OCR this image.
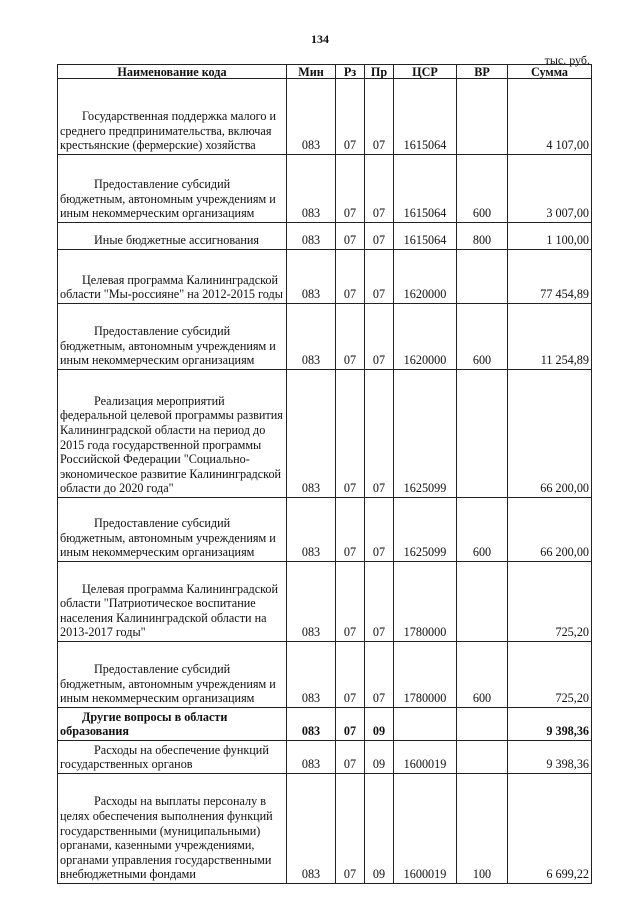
134
тыс. руб.
Наименование кода	Мин	Рз	Пр	ЦСР	ВР	Сумма
Государственная поддержка малого и среднего предпринимательства, включая крестьянские (фермерские) хозяйства	083	07	07	1615064		4 107,00
Предоставление субсидий бюджетным, автономным учреждениям и иным некоммерческим организациям	083	07	07	1615064	600	3 007,00
Иные бюджетные ассигнования	083	07	07	1615064	800	1 100,00
Целевая программа Калининградской области "Мы-россияне" на 2012-2015 годы	083	07	07	1620000		77 454,89
Предоставление субсидий бюджетным, автономным учреждениям и иным некоммерческим организациям	083	07	07	1620000	600	11 254,89
Реализация мероприятий федеральной целевой программы развития Калининградской области на период до 2015 года государственной программы Российской Федерации "Социально-экономическое развитие Калининградской области до 2020 года"	083	07	07	1625099		66 200,00
Предоставление субсидий бюджетным, автономным учреждениям и иным некоммерческим организациям	083	07	07	1625099	600	66 200,00
Целевая программа Калининградской области "Патриотическое воспитание населения Калининградской области на 2013-2017 годы"	083	07	07	1780000		725,20
Предоставление субсидий бюджетным, автономным учреждениям и иным некоммерческим организациям	083	07	07	1780000	600	725,20
Другие вопросы в области образования	083	07	09			9 398,36
Расходы на обеспечение функций государственных органов	083	07	09	1600019		9 398,36
Расходы на выплаты персоналу в целях обеспечения выполнения функций государственными (муниципальными) органами, казенными учреждениями, органами управления государственными внебюджетными фондами	083	07	09	1600019	100	6 699,22
